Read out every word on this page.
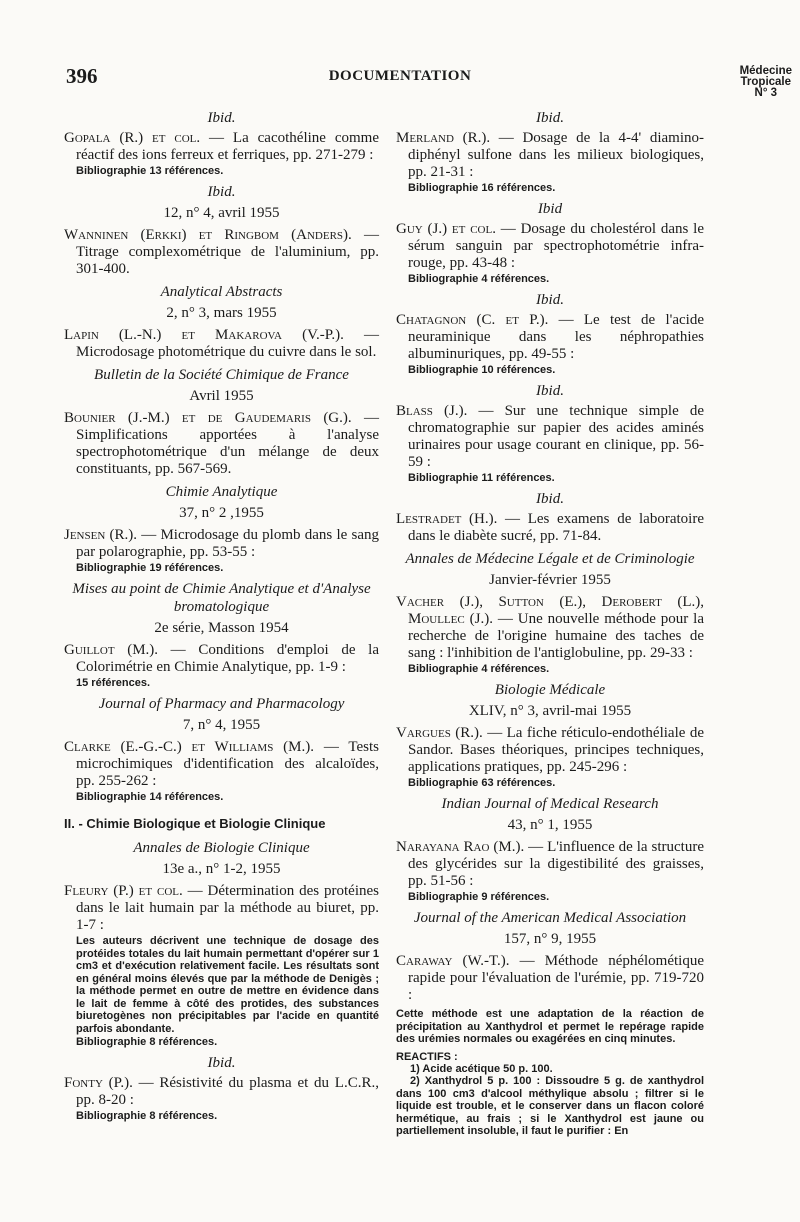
396	DOCUMENTATION	Médecine
Tropicale
N° 3
Ibid.

Gopala (R.) et col. — La cacothéline comme réactif des ions ferreux et ferriques, pp. 271-279 :

Bibliographie 13 références.
Ibid.
12, n° 4, avril 1955

Wanninen (Erkki) et Ringbom (Anders). — Titrage complexométrique de l'aluminium, pp. 301-400.

Analytical Abstracts
2, n° 3, mars 1955

Lapin (L.-N.) et Makarova (V.-P.). — Microdosage photométrique du cuivre dans le sol.

Bulletin de la Société Chimique de France
Avril 1955

Bounier (J.-M.) et de Gaudemaris (G.). — Simplifications apportées à l'analyse spectrophotométrique d'un mélange de deux constituants, pp. 567-569.

Chimie Analytique
37, n° 2 ,1955

Jensen (R.). — Microdosage du plomb dans le sang par polarographie, pp. 53-55 :

Bibliographie 19 références.
Mises au point de Chimie Analytique et d'Analyse bromatologique
2e série, Masson 1954

Guillot (M.). — Conditions d'emploi de la Colorimétrie en Chimie Analytique, pp. 1-9 :

15 références.
Journal of Pharmacy and Pharmacology
7, n° 4, 1955

Clarke (E.-G.-C.) et Williams (M.). — Tests microchimiques d'identification des alcaloïdes, pp. 255-262 :

Bibliographie 14 références.
II. - Chimie Biologique et Biologie Clinique
Annales de Biologie Clinique
13e a., n° 1-2, 1955

Fleury (P.) et col. — Détermination des protéines dans le lait humain par la méthode au biuret, pp. 1-7 :

Les auteurs décrivent une technique de dosage des protéides totales du lait humain permettant d'opérer sur 1 cm3 et d'exécution relativement facile. Les résultats sont en général moins élevés que par la méthode de Denigès ; la méthode permet en outre de mettre en évidence dans le lait de femme à côté des protides, des substances biuretogènes non précipitables par l'acide en quantité parfois abondante.
Bibliographie 8 références.
Ibid.

Fonty (P.). — Résistivité du plasma et du L.C.R., pp. 8-20 :

Bibliographie 8 références.
Ibid.

Merland (R.). — Dosage de la 4-4' diamino-diphényl sulfone dans les milieux biologiques, pp. 21-31 :

Bibliographie 16 références.
Ibid

Guy (J.) et col. — Dosage du cholestérol dans le sérum sanguin par spectrophotométrie infra-rouge, pp. 43-48 :

Bibliographie 4 références.
Ibid.

Chatagnon (C. et P.). — Le test de l'acide neuraminique dans les néphropathies albuminuriques, pp. 49-55 :

Bibliographie 10 références.
Ibid.

Blass (J.). — Sur une technique simple de chromatographie sur papier des acides aminés urinaires pour usage courant en clinique, pp. 56-59 :

Bibliographie 11 références.
Ibid.

Lestradet (H.). — Les examens de laboratoire dans le diabète sucré, pp. 71-84.

Annales de Médecine Légale et de Criminologie
Janvier-février 1955

Vacher (J.), Sutton (E.), Derobert (L.), Moullec (J.). — Une nouvelle méthode pour la recherche de l'origine humaine des taches de sang : l'inhibition de l'antiglobuline, pp. 29-33 :

Bibliographie 4 références.
Biologie Médicale
XLIV, n° 3, avril-mai 1955

Vargues (R.). — La fiche réticulo-endothéliale de Sandor. Bases théoriques, principes techniques, applications pratiques, pp. 245-296 :

Bibliographie 63 références.
Indian Journal of Medical Research
43, n° 1, 1955

Narayana Rao (M.). — L'influence de la structure des glycérides sur la digestibilité des graisses, pp. 51-56 :

Bibliographie 9 références.
Journal of the American Medical Association
157, n° 9, 1955

Caraway (W.-T.). — Méthode néphélométique rapide pour l'évaluation de l'urémie, pp. 719-720 :

Cette méthode est une adaptation de la réaction de précipitation au Xanthydrol et permet le repérage rapide des urémies normales ou exagérées en cinq minutes.
REACTIFS :

1) Acide acétique 50 p. 100.

2) Xanthydrol 5 p. 100 : Dissoudre 5 g. de xanthydrol dans 100 cm3 d'alcool méthylique absolu ; filtrer si le liquide est trouble, et le conserver dans un flacon coloré hermétique, au frais ; si le Xanthydrol est jaune ou partiellement insoluble, il faut le purifier : En
